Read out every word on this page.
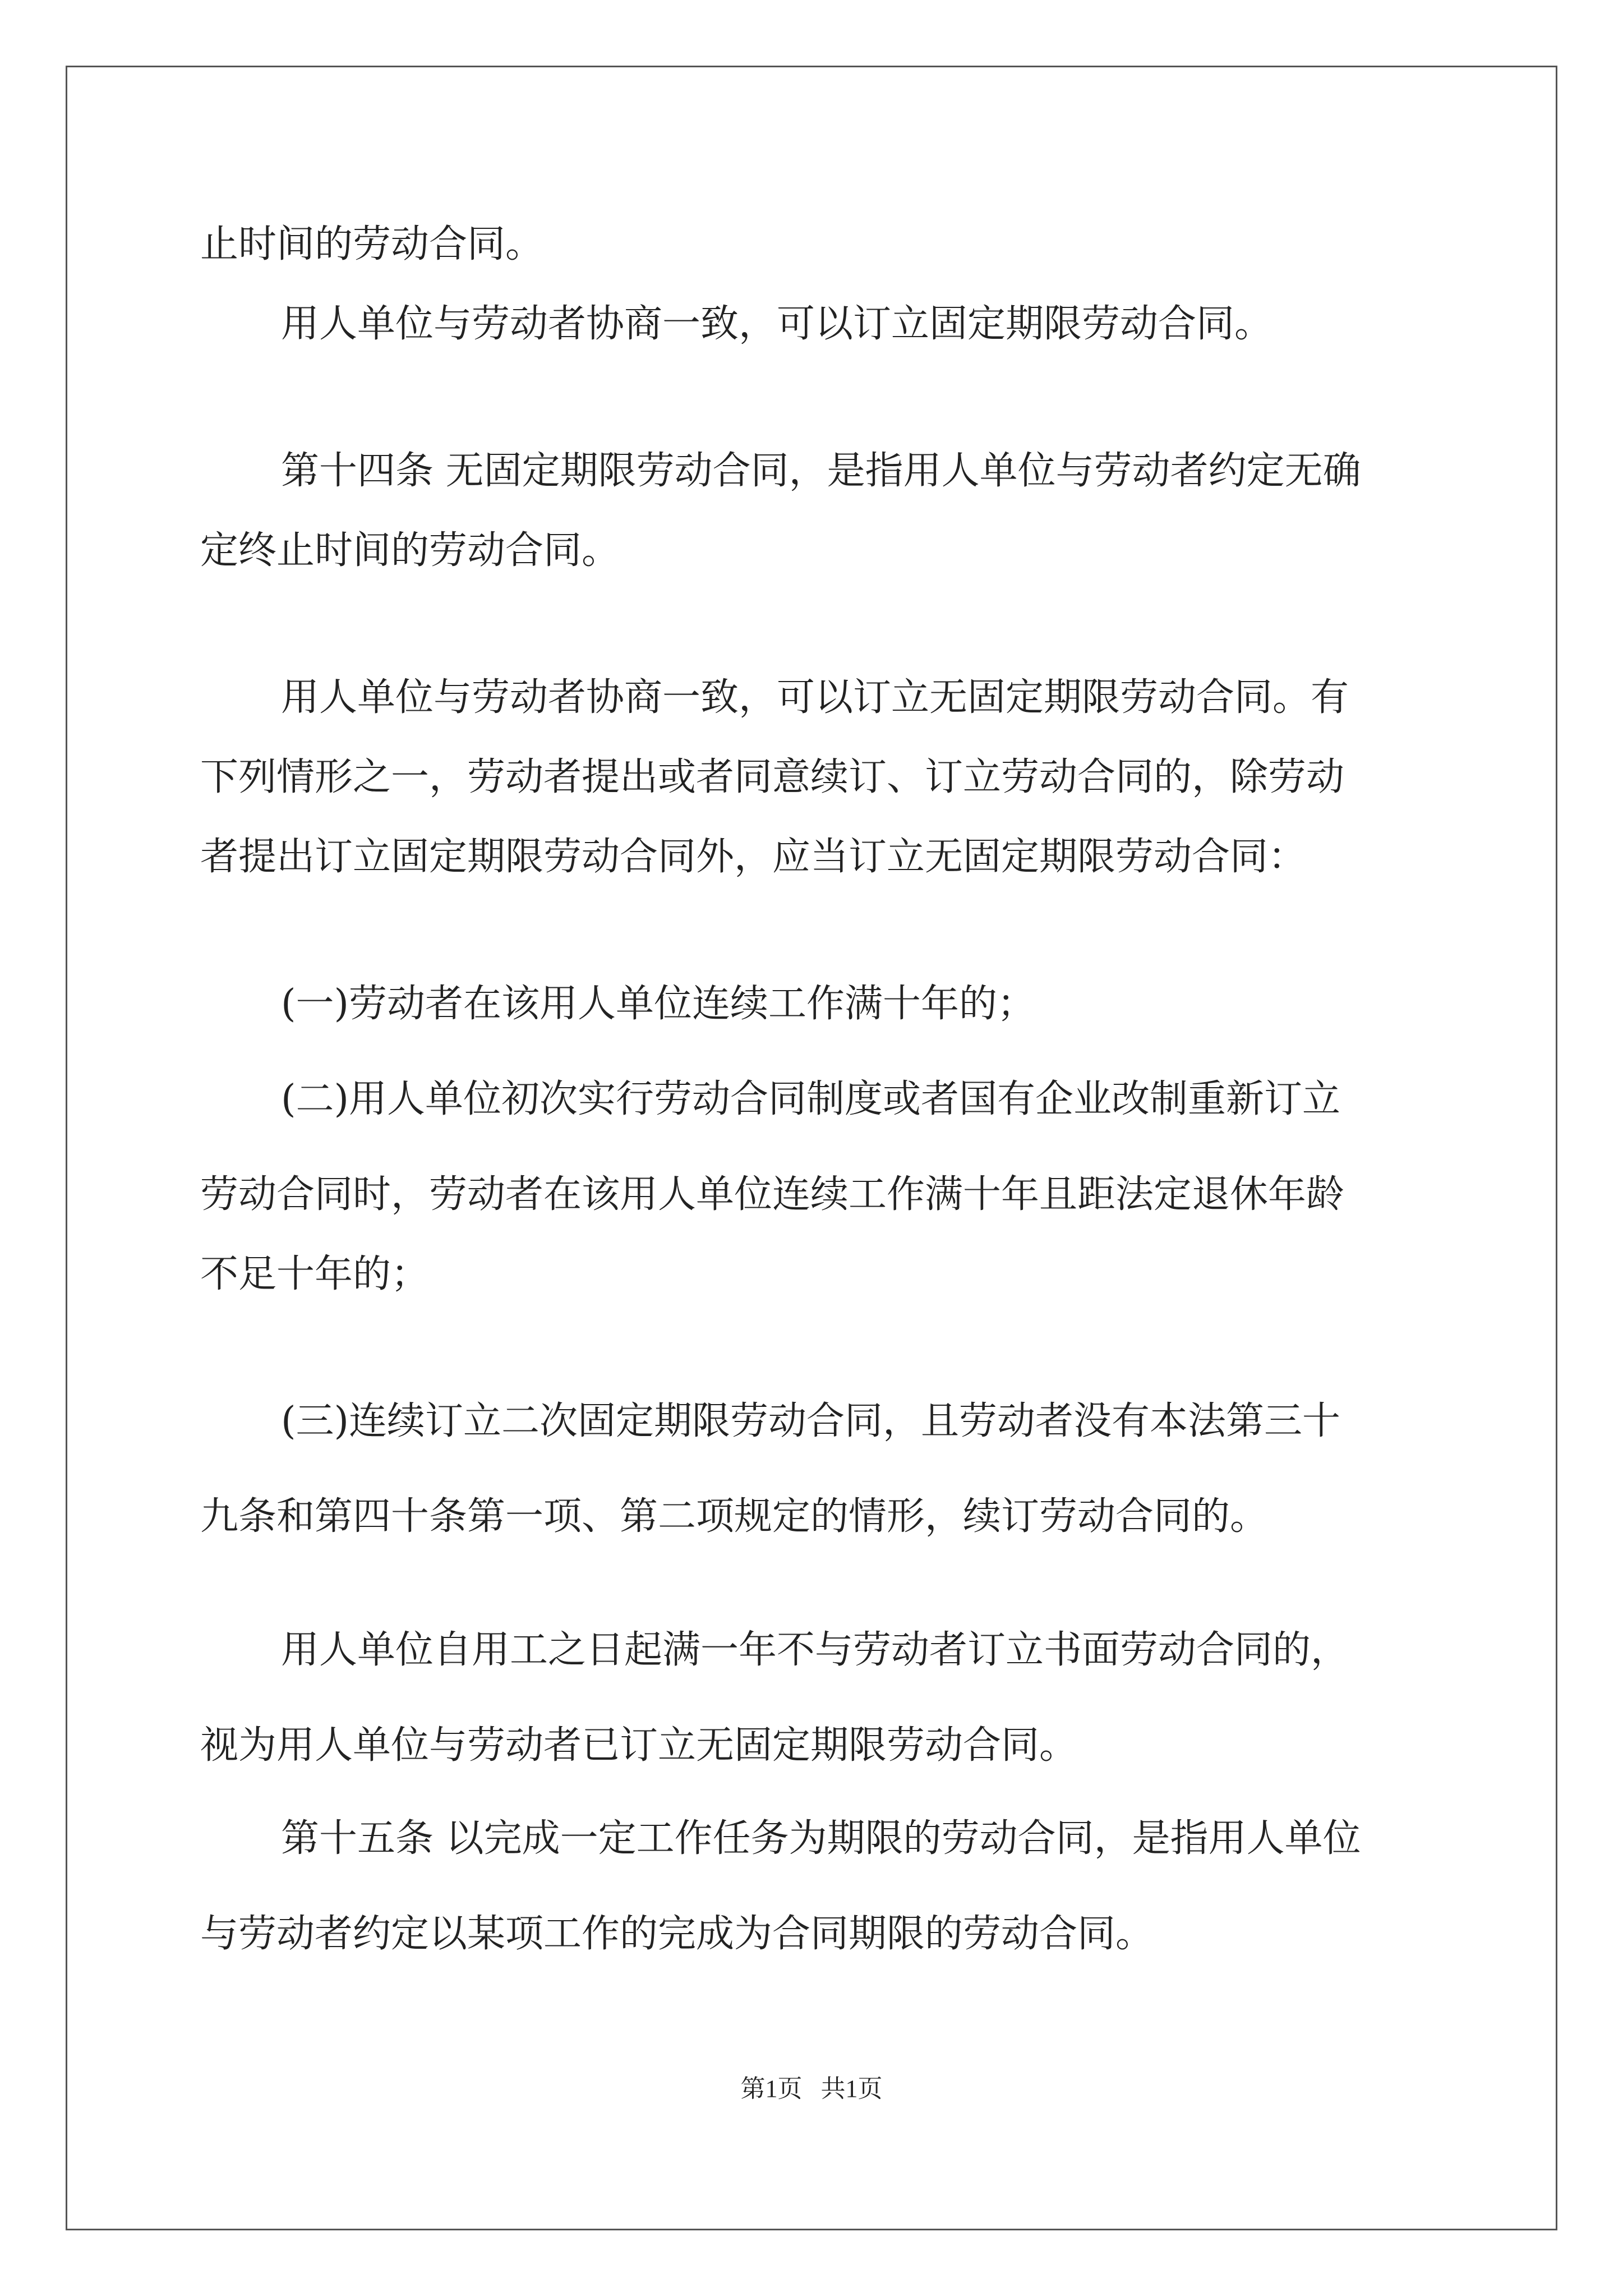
止时间的劳动合同。

用人单位与劳动者协商一致，可以订立固定期限劳动合同。

第十四条 无固定期限劳动合同，是指用人单位与劳动者约定无确

定终止时间的劳动合同。

用人单位与劳动者协商一致，可以订立无固定期限劳动合同。有

下列情形之一，劳动者提出或者同意续订、订立劳动合同的，除劳动

者提出订立固定期限劳动合同外，应当订立无固定期限劳动合同：

(一)劳动者在该用人单位连续工作满十年的；

(二)用人单位初次实行劳动合同制度或者国有企业改制重新订立

劳动合同时，劳动者在该用人单位连续工作满十年且距法定退休年龄

不足十年的；

(三)连续订立二次固定期限劳动合同，且劳动者没有本法第三十

九条和第四十条第一项、第二项规定的情形，续订劳动合同的。

用人单位自用工之日起满一年不与劳动者订立书面劳动合同的，

视为用人单位与劳动者已订立无固定期限劳动合同。

第十五条 以完成一定工作任务为期限的劳动合同，是指用人单位

与劳动者约定以某项工作的完成为合同期限的劳动合同。

第1页   共1页
